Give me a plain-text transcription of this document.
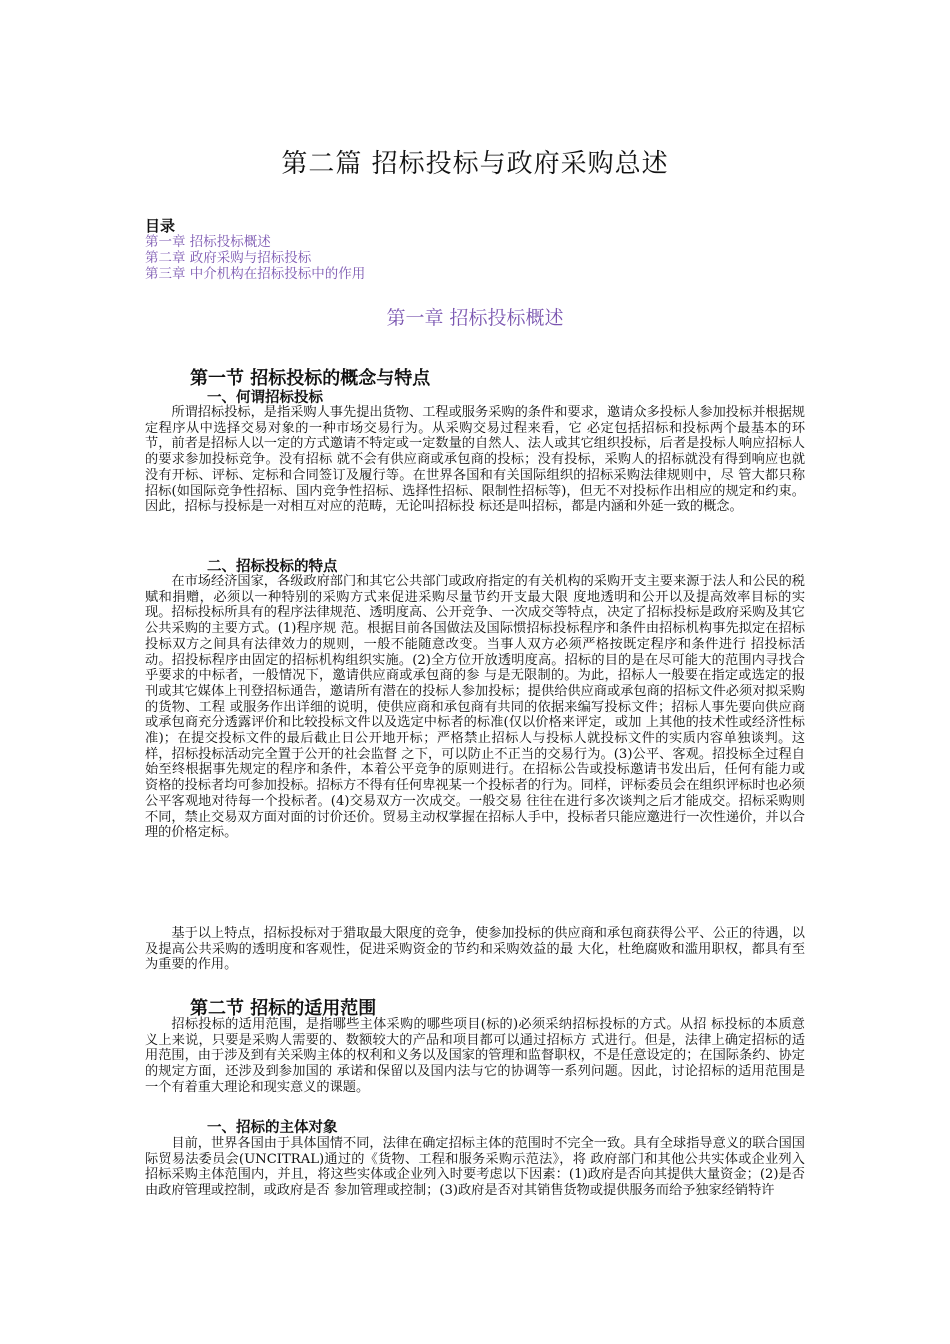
第二篇 招标投标与政府采购总述
目录
第一章 招标投标概述
第二章 政府采购与招标投标
第三章 中介机构在招标投标中的作用
第一章 招标投标概述
第一节 招标投标的概念与特点
一、何谓招标投标

所谓招标投标，是指采购人事先提出货物、工程或服务采购的条件和要求，邀请众多投标人参加投标并根据规定程序从中选择交易对象的一种市场交易行为。从采购交易过程来看，它 必定包括招标和投标两个最基本的环节，前者是招标人以一定的方式邀请不特定或一定数量的自然人、法人或其它组织投标，后者是投标人响应招标人的要求参加投标竞争。没有招标 就不会有供应商或承包商的投标；没有投标，采购人的招标就没有得到响应也就没有开标、评标、定标和合同签订及履行等。在世界各国和有关国际组织的招标采购法律规则中，尽 管大都只称招标(如国际竞争性招标、国内竞争性招标、选择性招标、限制性招标等)，但无不对投标作出相应的规定和约束。因此，招标与投标是一对相互对应的范畴，无论叫招标投 标还是叫招标，都是内涵和外延一致的概念。

二、招标投标的特点

在市场经济国家，各级政府部门和其它公共部门或政府指定的有关机构的采购开支主要来源于法人和公民的税赋和捐赠，必须以一种特别的采购方式来促进采购尽量节约开支最大限 度地透明和公开以及提高效率目标的实现。招标投标所具有的程序法律规范、透明度高、公开竞争、一次成交等特点，决定了招标投标是政府采购及其它公共采购的主要方式。(1)程序规 范。根据目前各国做法及国际惯招标投标程序和条件由招标机构事先拟定在招标投标双方之间具有法律效力的规则，一般不能随意改变。当事人双方必须严格按既定程序和条件进行 招投标活动。招投标程序由固定的招标机构组织实施。(2)全方位开放透明度高。招标的目的是在尽可能大的范围内寻找合乎要求的中标者，一般情况下，邀请供应商或承包商的参 与是无限制的。为此，招标人一般要在指定或选定的报刊或其它媒体上刊登招标通告，邀请所有潜在的投标人参加投标；提供给供应商或承包商的招标文件必须对拟采购的货物、工程 或服务作出详细的说明，使供应商和承包商有共同的依据来编写投标文件；招标人事先要向供应商或承包商充分透露评价和比较投标文件以及选定中标者的标准(仅以价格来评定，或加 上其他的技术性或经济性标准)；在提交投标文件的最后截止日公开地开标；严格禁止招标人与投标人就投标文件的实质内容单独谈判。这样，招标投标活动完全置于公开的社会监督 之下，可以防止不正当的交易行为。(3)公平、客观。招投标全过程自始至终根据事先规定的程序和条件，本着公平竞争的原则进行。在招标公告或投标邀请书发出后，任何有能力或 资格的投标者均可参加投标。招标方不得有任何卑视某一个投标者的行为。同样，评标委员会在组织评标时也必须公平客观地对待每一个投标者。(4)交易双方一次成交。一般交易 往往在进行多次谈判之后才能成交。招标采购则不同，禁止交易双方面对面的讨价还价。贸易主动权掌握在招标人手中，投标者只能应邀进行一次性递价，并以合理的价格定标。

基于以上特点，招标投标对于猎取最大限度的竞争，使参加投标的供应商和承包商获得公平、公正的待遇，以及提高公共采购的透明度和客观性，促进采购资金的节约和采购效益的最 大化，杜绝腐败和滥用职权，都具有至为重要的作用。

第二节 招标的适用范围

招标投标的适用范围，是指哪些主体采购的哪些项目(标的)必须采纳招标投标的方式。从招 标投标的本质意义上来说，只要是采购人需要的、数额较大的产品和项目都可以通过招标方 式进行。但是，法律上确定招标的适用范围，由于涉及到有关采购主体的权利和义务以及国家的管理和监督职权，不是任意设定的；在国际条约、协定的规定方面，还涉及到参加国的 承诺和保留以及国内法与它的协调等一系列问题。因此，讨论招标的适用范围是一个有着重大理论和现实意义的课题。

一、招标的主体对象

目前，世界各国由于具体国情不同，法律在确定招标主体的范围时不完全一致。具有全球指导意义的联合国国际贸易法委员会(UNCITRAL)通过的《货物、工程和服务采购示范法》，将 政府部门和其他公共实体或企业列入招标采购主体范围内，并且，将这些实体或企业列入时要考虑以下因素：(1)政府是否向其提供大量资金；(2)是否由政府管理或控制，或政府是否 参加管理或控制；(3)政府是否对其销售货物或提供服务而给予独家经销特许
